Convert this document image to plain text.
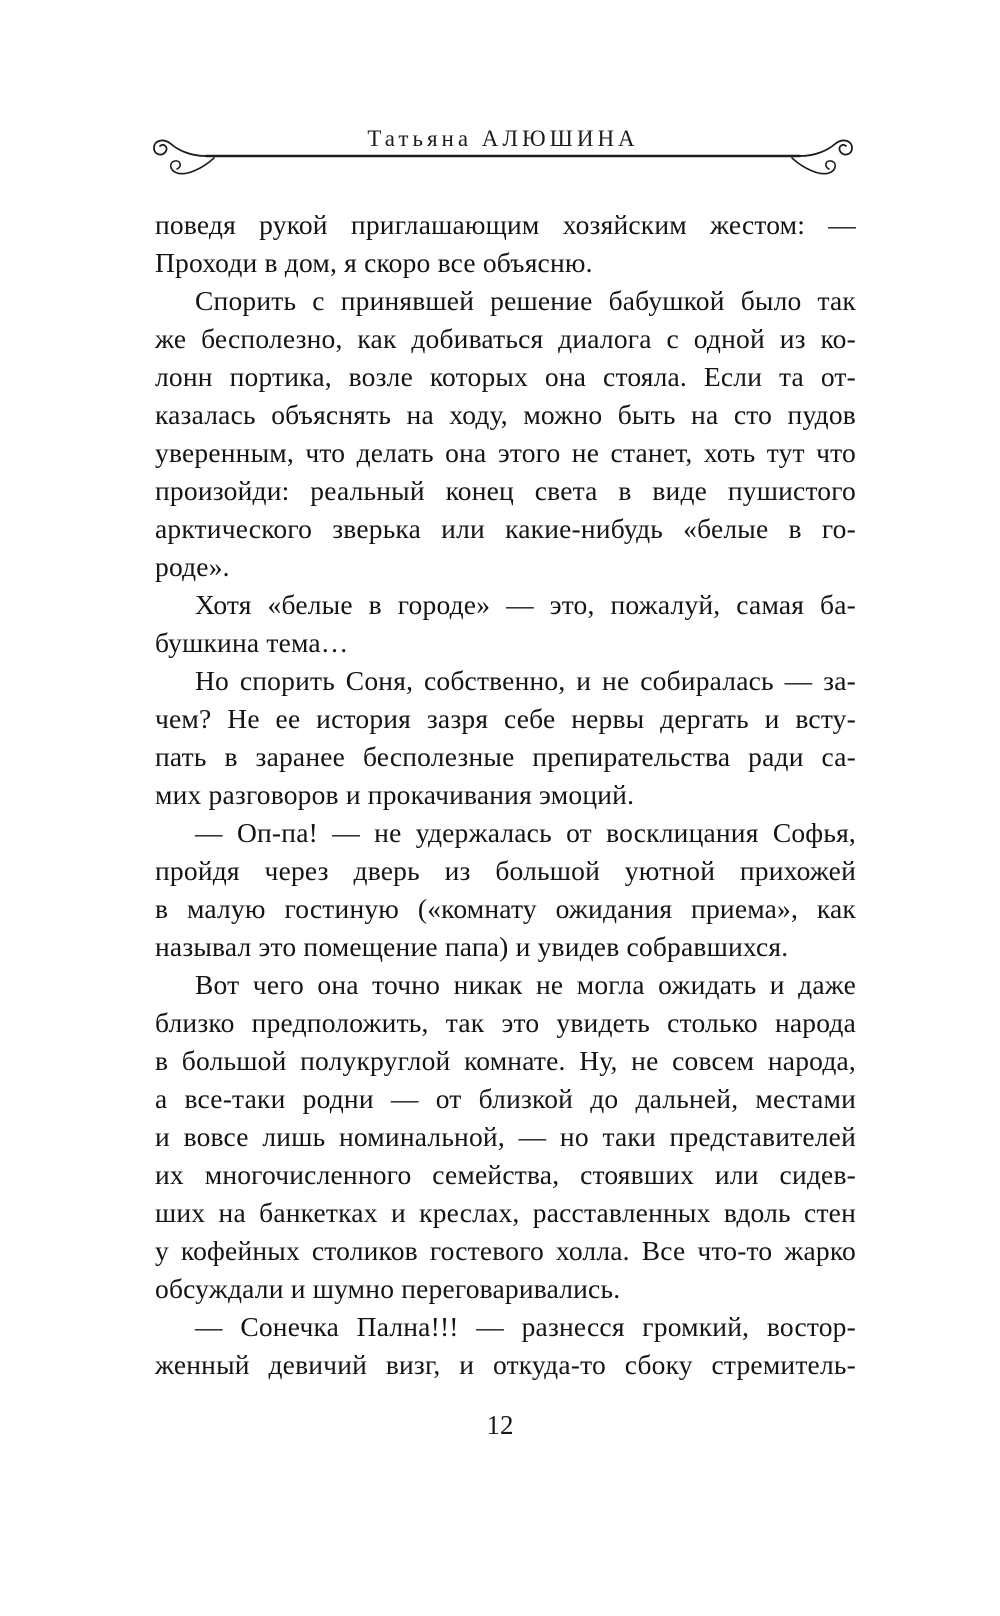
Татьяна АЛЮШИНА
поведя рукой приглашающим хозяйским жестом: —
Проходи в дом, я скоро все объясню.
Спорить с принявшей решение бабушкой было так
же бесполезно, как добиваться диалога с одной из ко-
лонн портика, возле которых она стояла. Если та от-
казалась объяснять на ходу, можно быть на сто пудов
уверенным, что делать она этого не станет, хоть тут что
произойди: реальный конец света в виде пушистого
арктического зверька или какие-нибудь «белые в го-
роде».
Хотя «белые в городе» — это, пожалуй, самая ба-
бушкина тема…
Но спорить Соня, собственно, и не собиралась — за-
чем? Не ее история зазря себе нервы дергать и всту-
пать в заранее бесполезные препирательства ради са-
мих разговоров и прокачивания эмоций.
— Оп-па! — не удержалась от восклицания Софья,
пройдя через дверь из большой уютной прихожей
в малую гостиную («комнату ожидания приема», как
называл это помещение папа) и увидев собравшихся.
Вот чего она точно никак не могла ожидать и даже
близко предположить, так это увидеть столько народа
в большой полукруглой комнате. Ну, не совсем народа,
а все-таки родни — от близкой до дальней, местами
и вовсе лишь номинальной, — но таки представителей
их многочисленного семейства, стоявших или сидев-
ших на банкетках и креслах, расставленных вдоль стен
у кофейных столиков гостевого холла. Все что-то жарко
обсуждали и шумно переговаривались.
— Сонечка Пална!!! — разнесся громкий, востор-
женный девичий визг, и откуда-то сбоку стремитель-
12
